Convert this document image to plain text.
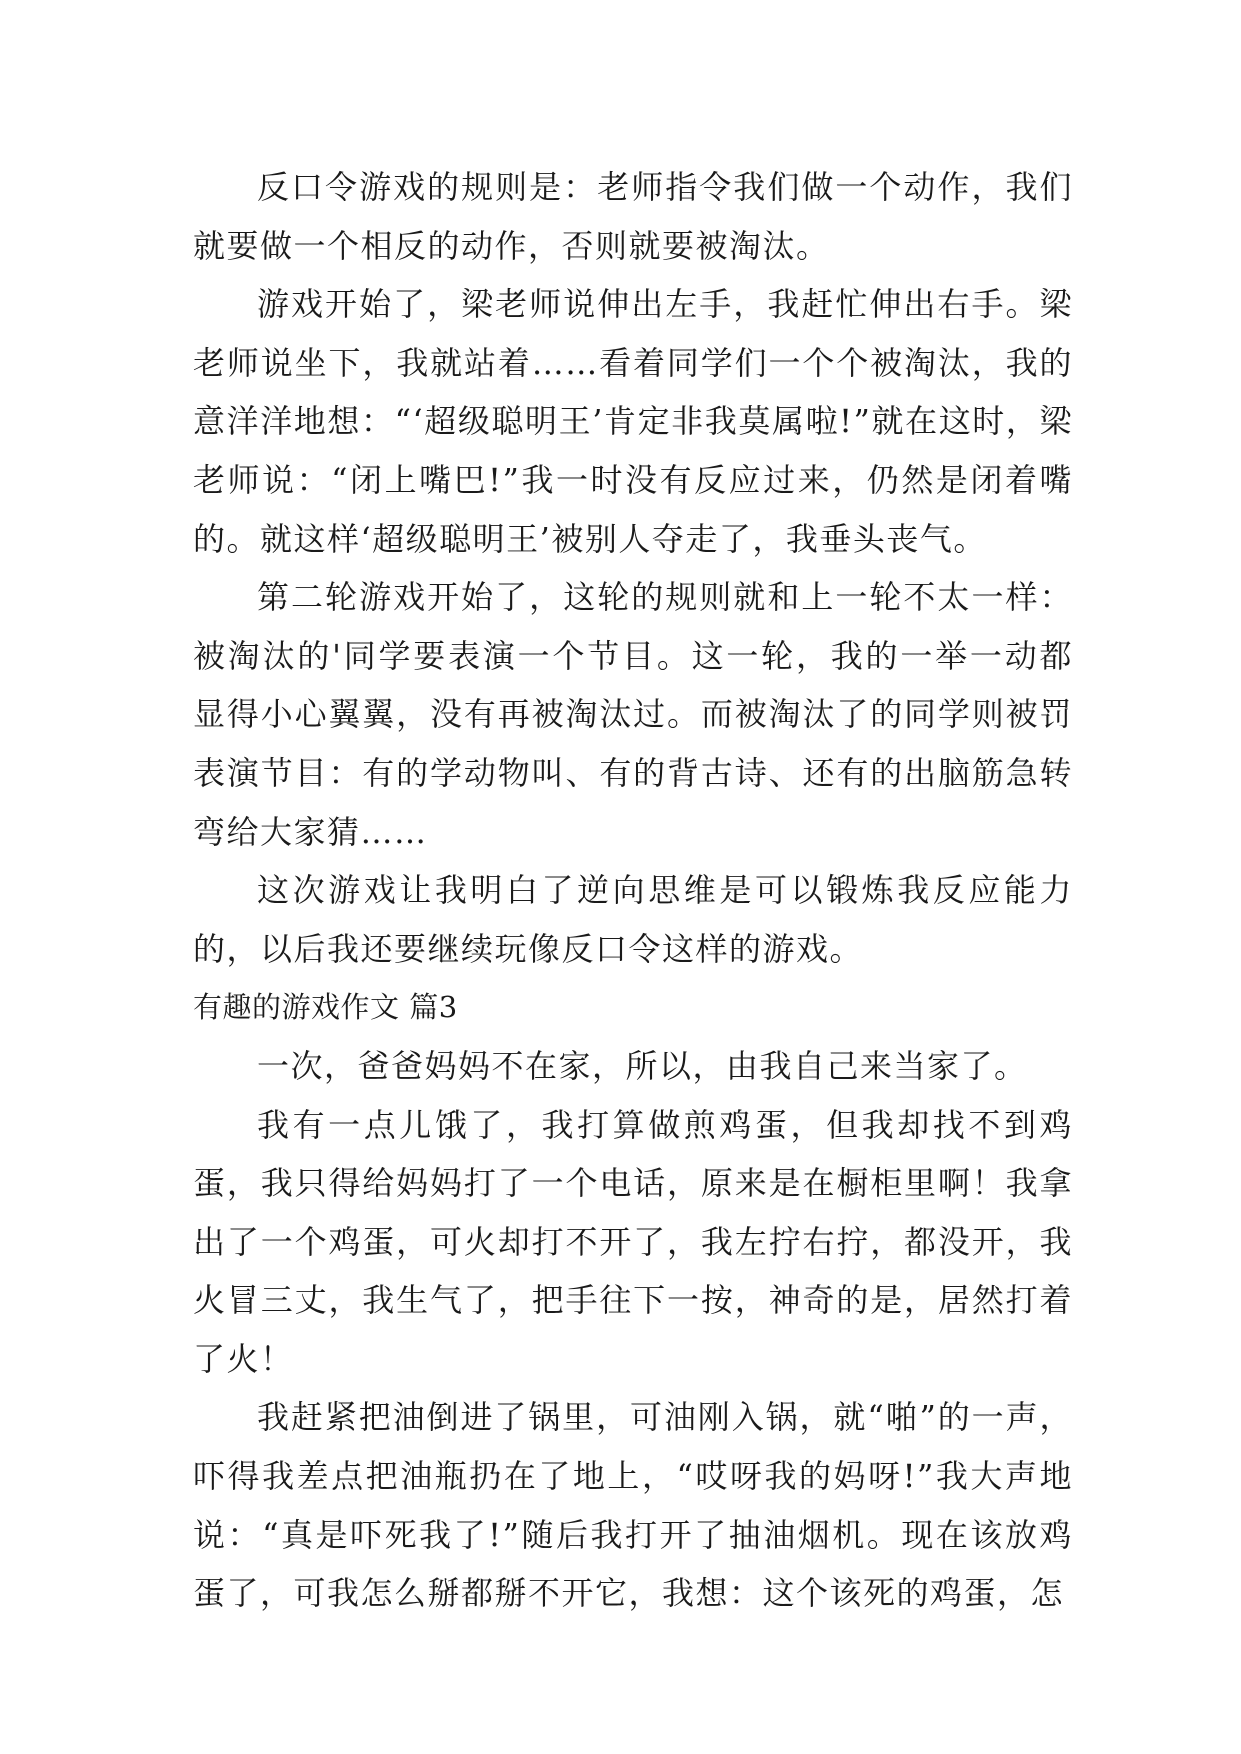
反口令游戏的规则是：老师指令我们做一个动作，我们就要做一个相反的动作，否则就要被淘汰。

游戏开始了，梁老师说伸出左手，我赶忙伸出右手。梁老师说坐下，我就站着……看着同学们一个个被淘汰，我的意洋洋地想：“‘超级聪明王’肯定非我莫属啦!”就在这时，梁老师说：“闭上嘴巴!”我一时没有反应过来，仍然是闭着嘴的。就这样‘超级聪明王’被别人夺走了，我垂头丧气。

第二轮游戏开始了，这轮的规则就和上一轮不太一样：被淘汰的'同学要表演一个节目。这一轮，我的一举一动都显得小心翼翼，没有再被淘汰过。而被淘汰了的同学则被罚表演节目：有的学动物叫、有的背古诗、还有的出脑筋急转弯给大家猜……

这次游戏让我明白了逆向思维是可以锻炼我反应能力的，以后我还要继续玩像反口令这样的游戏。

有趣的游戏作文 篇3

一次，爸爸妈妈不在家，所以，由我自己来当家了。

我有一点儿饿了，我打算做煎鸡蛋，但我却找不到鸡蛋，我只得给妈妈打了一个电话，原来是在橱柜里啊！我拿出了一个鸡蛋，可火却打不开了，我左拧右拧，都没开，我火冒三丈，我生气了，把手往下一按，神奇的是，居然打着了火！

我赶紧把油倒进了锅里，可油刚入锅，就“啪”的一声，吓得我差点把油瓶扔在了地上，“哎呀我的妈呀!”我大声地说：“真是吓死我了!”随后我打开了抽油烟机。现在该放鸡蛋了，可我怎么掰都掰不开它，我想：这个该死的鸡蛋，怎
